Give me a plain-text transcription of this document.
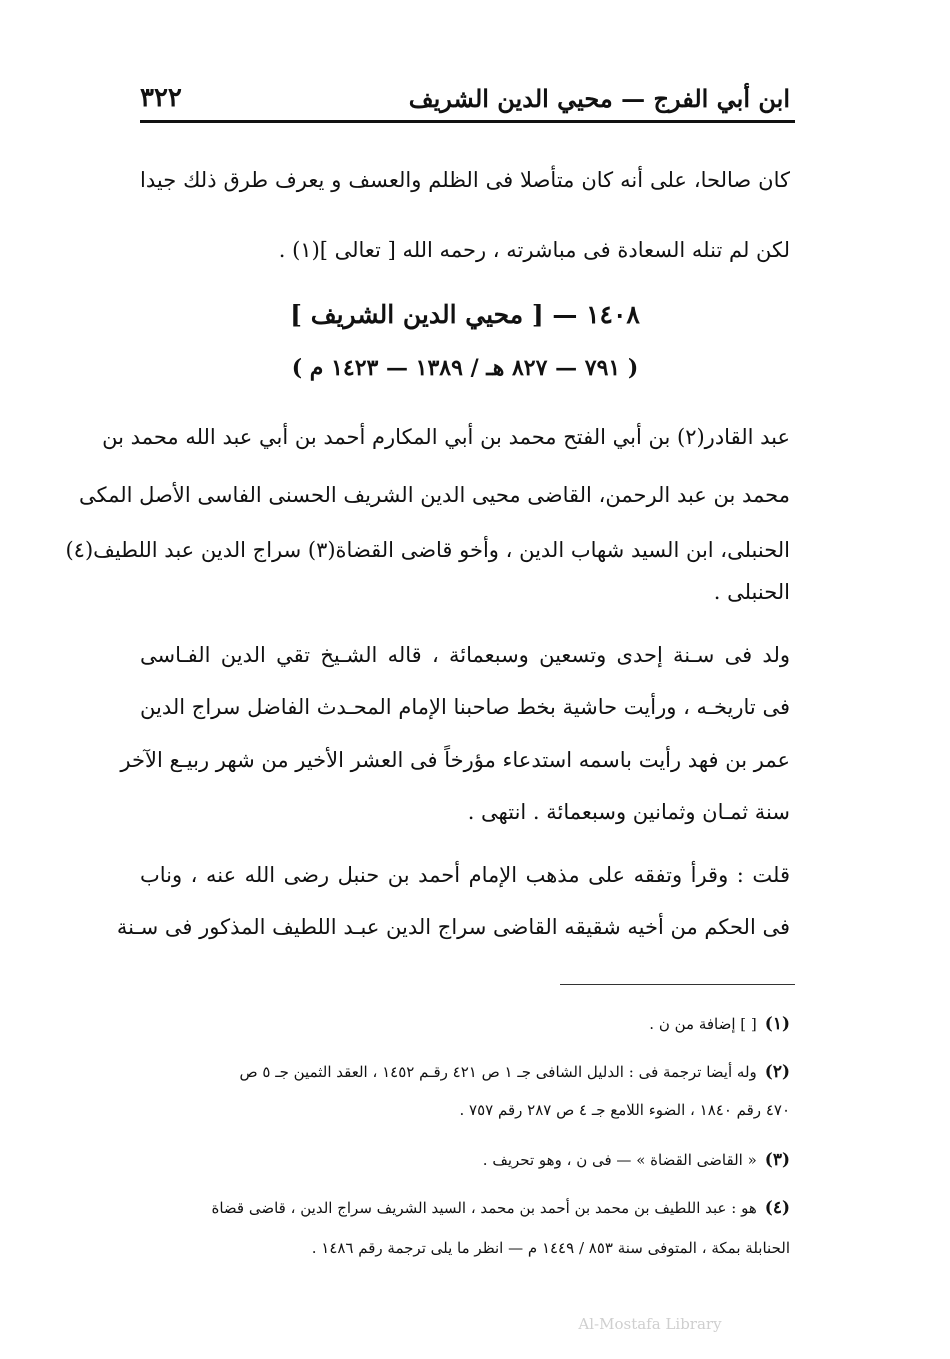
ابن أبي الفرج — محيي الدين الشريف
٣٢٢
كان صالحا، على أنه كان متأصلا فى الظلم والعسف و يعرف طرق ذلك جيدا
لكن لم تنله السعادة فى مباشرته ، رحمه الله [ تعالى ](١) .
١٤٠٨ — [ محيي الدين الشريف ]
( ٧٩١ — ٨٢٧ هـ / ١٣٨٩ — ١٤٢٣ م )
عبد القادر(٢) بن أبي الفتح محمد بن أبي المكارم أحمد بن أبي عبد الله محمد بن
محمد بن عبد الرحمن، القاضى محيى الدين الشريف الحسنى الفاسى الأصل المكى
الحنبلى، ابن السيد شهاب الدين ، وأخو قاضى القضاة(٣) سراج الدين عبد اللطيف(٤)
الحنبلى .
ولد فى سـنة إحدى وتسعين وسبعمائة ، قاله الشـيخ تقي الدين الفـاسى
فى تاريخـه ، ورأيت حاشية بخط صاحبنا الإمام المحـدث الفاضل سراج الدين
عمر بن فهد رأيت باسمه استدعاء مؤرخاً فى العشر الأخير من شهر ربيـع الآخر
سنة ثمـان وثمانين وسبعمائة . انتهى .
قلت : وقرأ وتفقه على مذهب الإمام أحمد بن حنبل رضى الله عنه ، وناب
فى الحكم من أخيه شقيقه القاضى سراج الدين عبـد اللطيف المذكور فى سـنة
(١)[ ] إضافة من ن .
(٢)وله أيضا ترجمة فى : الدليل الشافى جـ ١ ص ٤٢١ رقـم ١٤٥٢ ، العقد الثمين جـ ٥ ص
٤٧٠ رقم ١٨٤٠ ، الضوء اللامع جـ ٤ ص ٢٨٧ رقم ٧٥٧ .
(٣)« القاضى القضاة » — فى ن ، وهو تحريف .
(٤)هو : عبد اللطيف بن محمد بن أحمد بن محمد ، السيد الشريف سراج الدين ، قاضى قضاة
الحنابلة بمكة ، المتوفى سنة ٨٥٣ / ١٤٤٩ م — انظر ما يلى ترجمة رقم ١٤٨٦ .
Al-Mostafa Library
